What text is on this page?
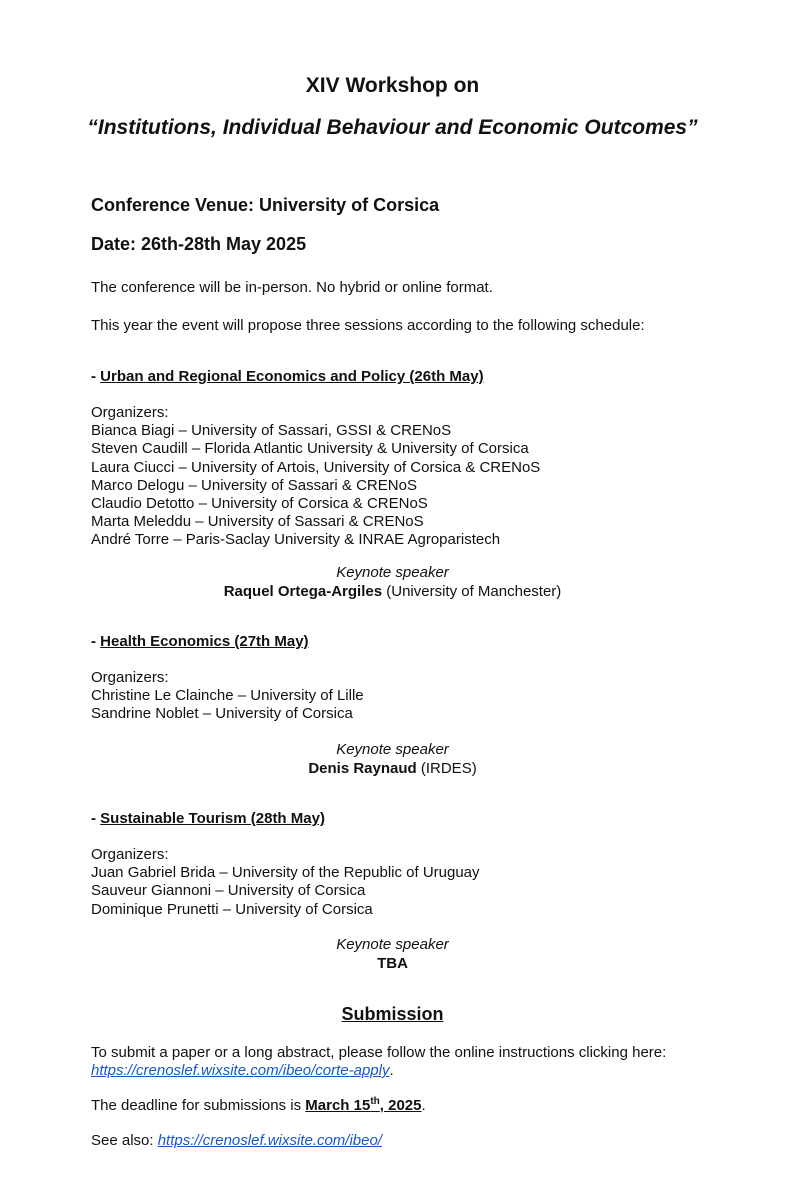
XIV Workshop on
“Institutions, Individual Behaviour and Economic Outcomes”
Conference Venue: University of Corsica
Date: 26th-28th May 2025
The conference will be in-person. No hybrid or online format.
This year the event will propose three sessions according to the following schedule:
- Urban and Regional Economics and Policy (26th May)
Organizers:
Bianca Biagi – University of Sassari, GSSI & CRENoS
Steven Caudill – Florida Atlantic University & University of Corsica
Laura Ciucci – University of Artois, University of Corsica & CRENoS
Marco Delogu – University of Sassari & CRENoS
Claudio Detotto – University of Corsica & CRENoS
Marta Meleddu – University of Sassari & CRENoS
André Torre – Paris-Saclay University & INRAE Agroparistech
Keynote speaker
Raquel Ortega-Argiles (University of Manchester)
- Health Economics (27th May)
Organizers:
Christine Le Clainche – University of Lille
Sandrine Noblet – University of Corsica
Keynote speaker
Denis Raynaud (IRDES)
- Sustainable Tourism (28th May)
Organizers:
Juan Gabriel Brida – University of the Republic of Uruguay
Sauveur Giannoni – University of Corsica
Dominique Prunetti – University of Corsica
Keynote speaker
TBA
Submission
To submit a paper or a long abstract, please follow the online instructions clicking here:
https://crenoslef.wixsite.com/ibeo/corte-apply.
The deadline for submissions is March 15th, 2025.
See also: https://crenoslef.wixsite.com/ibeo/
